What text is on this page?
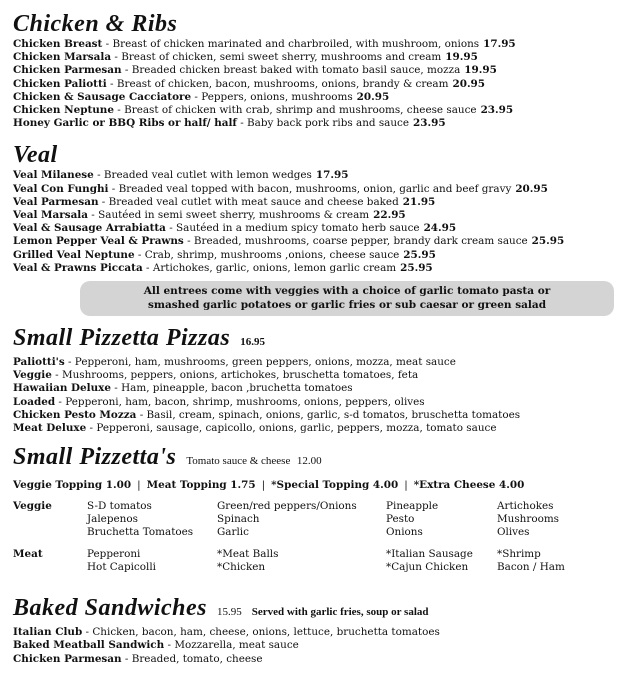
Chicken & Ribs
Chicken Breast - Breast of chicken marinated and charbroiled, with mushroom, onions 17.95
Chicken Marsala - Breast of chicken, semi sweet sherry, mushrooms and cream 19.95
Chicken Parmesan - Breaded chicken breast baked with tomato basil sauce, mozza 19.95
Chicken Paliotti - Breast of chicken, bacon, mushrooms, onions, brandy & cream 20.95
Chicken & Sausage Cacciatore - Peppers, onions, mushrooms 20.95
Chicken Neptune - Breast of chicken with crab, shrimp and mushrooms, cheese sauce 23.95
Honey Garlic or BBQ Ribs or half/ half - Baby back pork ribs and sauce 23.95
Veal
Veal Milanese - Breaded veal cutlet with lemon wedges 17.95
Veal Con Funghi - Breaded veal topped with bacon, mushrooms, onion, garlic and beef gravy 20.95
Veal Parmesan - Breaded veal cutlet with meat sauce and cheese baked 21.95
Veal Marsala - Sautéed in semi sweet sherry, mushrooms & cream 22.95
Veal & Sausage Arrabiatta - Sautéed in a medium spicy tomato herb sauce 24.95
Lemon Pepper Veal & Prawns - Breaded, mushrooms, coarse pepper, brandy dark cream sauce 25.95
Grilled Veal Neptune - Crab, shrimp, mushrooms ,onions, cheese sauce 25.95
Veal & Prawns Piccata - Artichokes, garlic, onions, lemon garlic cream 25.95
All entrees come with veggies with a choice of garlic tomato pasta or
smashed garlic potatoes or garlic fries or sub caesar or green salad
Small Pizzetta Pizzas 16.95
Paliotti's - Pepperoni, ham, mushrooms, green peppers, onions, mozza, meat sauce
Veggie - Mushrooms, peppers, onions, artichokes, bruschetta tomatoes, feta
Hawaiian Deluxe - Ham, pineapple, bacon ,bruchetta tomatoes
Loaded - Pepperoni, ham, bacon, shrimp, mushrooms, onions, peppers, olives
Chicken Pesto Mozza - Basil, cream, spinach, onions, garlic, s-d tomatos, bruschetta tomatoes
Meat Deluxe - Pepperoni, sausage, capicollo, onions, garlic, peppers, mozza, tomato sauce
Small Pizzetta's Tomato sauce & cheese 12.00
Veggie Topping 1.00 | Meat Topping 1.75 | *Special Topping 4.00 | *Extra Cheese 4.00
Veggie	S-D tomatos
Jalepenos
Bruchetta Tomatoes
Green/red peppers/Onions
Spinach
Garlic
Pineapple
Pesto
Onions
Artichokes
Mushrooms
Olives
Meat	Pepperoni
Hot Capicolli
*Meat Balls
*Chicken
*Italian Sausage
*Cajun Chicken
*Shrimp
Bacon / Ham
Baked Sandwiches 15.95 Served with garlic fries, soup or salad
Italian Club - Chicken, bacon, ham, cheese, onions, lettuce, bruchetta tomatoes
Baked Meatball Sandwich - Mozzarella, meat sauce
Chicken Parmesan - Breaded, tomato, cheese
